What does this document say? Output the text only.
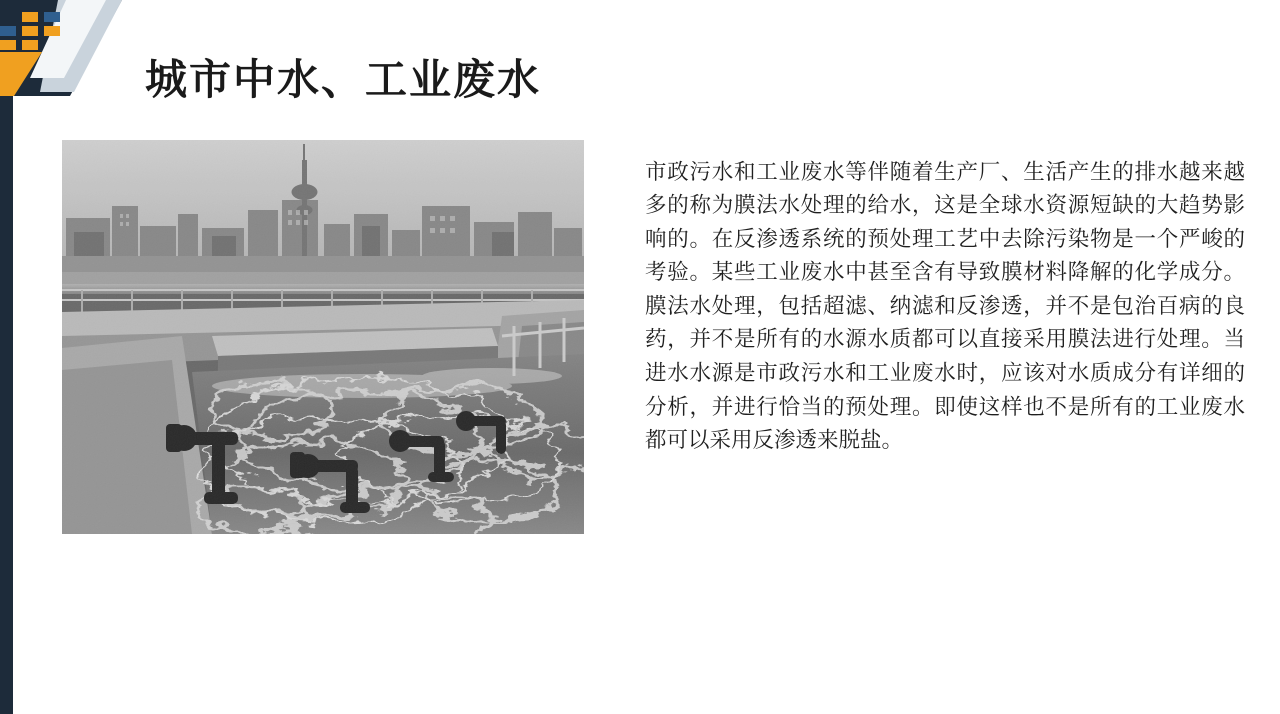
城市中水、工业废水

市政污水和工业废水等伴随着生产厂、生活产生的排水越来越多的称为膜法水处理的给水，这是全球水资源短缺的大趋势影响的。在反渗透系统的预处理工艺中去除污染物是一个严峻的考验。某些工业废水中甚至含有导致膜材料降解的化学成分。膜法水处理，包括超滤、纳滤和反渗透，并不是包治百病的良药，并不是所有的水源水质都可以直接采用膜法进行处理。当进水水源是市政污水和工业废水时，应该对水质成分有详细的分析，并进行恰当的预处理。即使这样也不是所有的工业废水都可以采用反渗透来脱盐。
